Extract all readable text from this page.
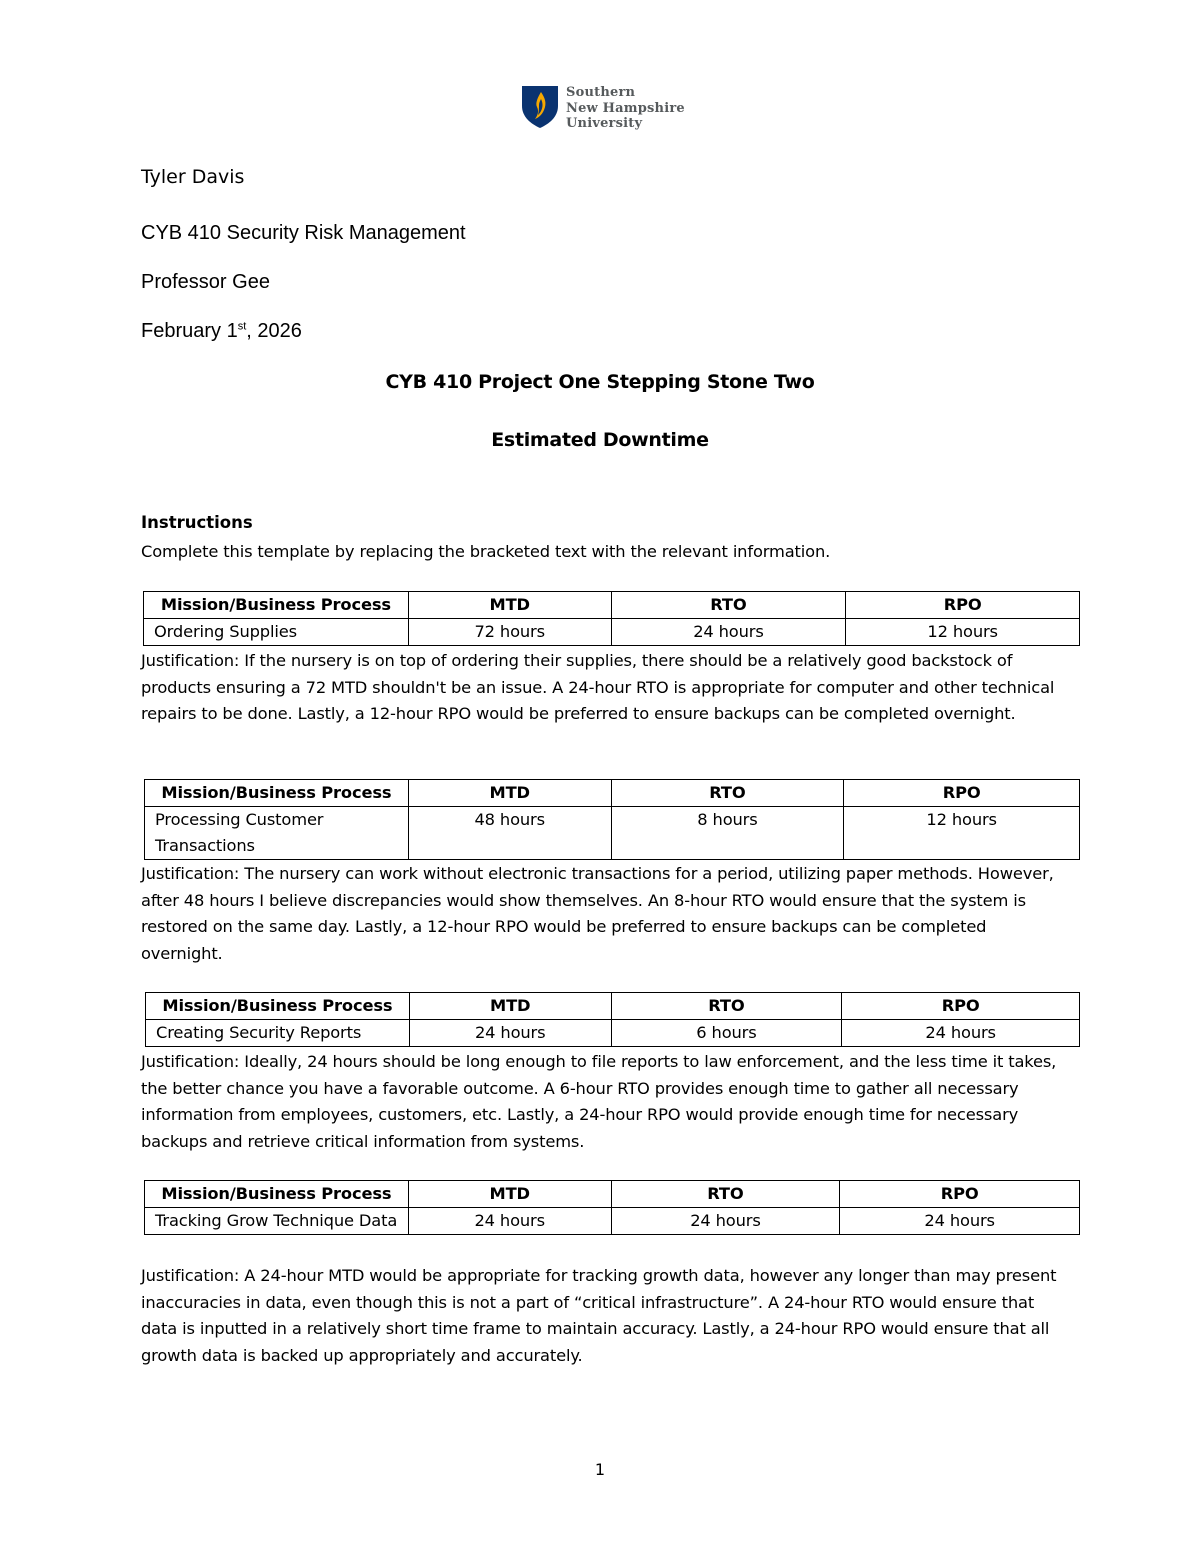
Southern
New Hampshire
University
Tyler Davis
CYB 410 Security Risk Management
Professor Gee
February 1st, 2026
CYB 410 Project One Stepping Stone Two
Estimated Downtime
Instructions
Complete this template by replacing the bracketed text with the relevant information.
Mission/Business Process	MTD	RTO	RPO
Ordering Supplies	72 hours	24 hours	12 hours
Justification: If the nursery is on top of ordering their supplies, there should be a relatively good backstock of products ensuring a 72 MTD shouldn't be an issue. A 24-hour RTO is appropriate for computer and other technical repairs to be done. Lastly, a 12-hour RPO would be preferred to ensure backups can be completed overnight.
Mission/Business Process	MTD	RTO	RPO
Processing Customer Transactions	48 hours	8 hours	12 hours
Justification: The nursery can work without electronic transactions for a period, utilizing paper methods. However, after 48 hours I believe discrepancies would show themselves. An 8-hour RTO would ensure that the system is restored on the same day. Lastly, a 12-hour RPO would be preferred to ensure backups can be completed overnight.
Mission/Business Process	MTD	RTO	RPO
Creating Security Reports	24 hours	6 hours	24 hours
Justification: Ideally, 24 hours should be long enough to file reports to law enforcement, and the less time it takes, the better chance you have a favorable outcome. A 6-hour RTO provides enough time to gather all necessary information from employees, customers, etc. Lastly, a 24-hour RPO would provide enough time for necessary backups and retrieve critical information from systems.
Mission/Business Process	MTD	RTO	RPO
Tracking Grow Technique Data	24 hours	24 hours	24 hours
Justification: A 24-hour MTD would be appropriate for tracking growth data, however any longer than may present inaccuracies in data, even though this is not a part of “critical infrastructure”. A 24-hour RTO would ensure that data is inputted in a relatively short time frame to maintain accuracy. Lastly, a 24-hour RPO would ensure that all growth data is backed up appropriately and accurately.
1
